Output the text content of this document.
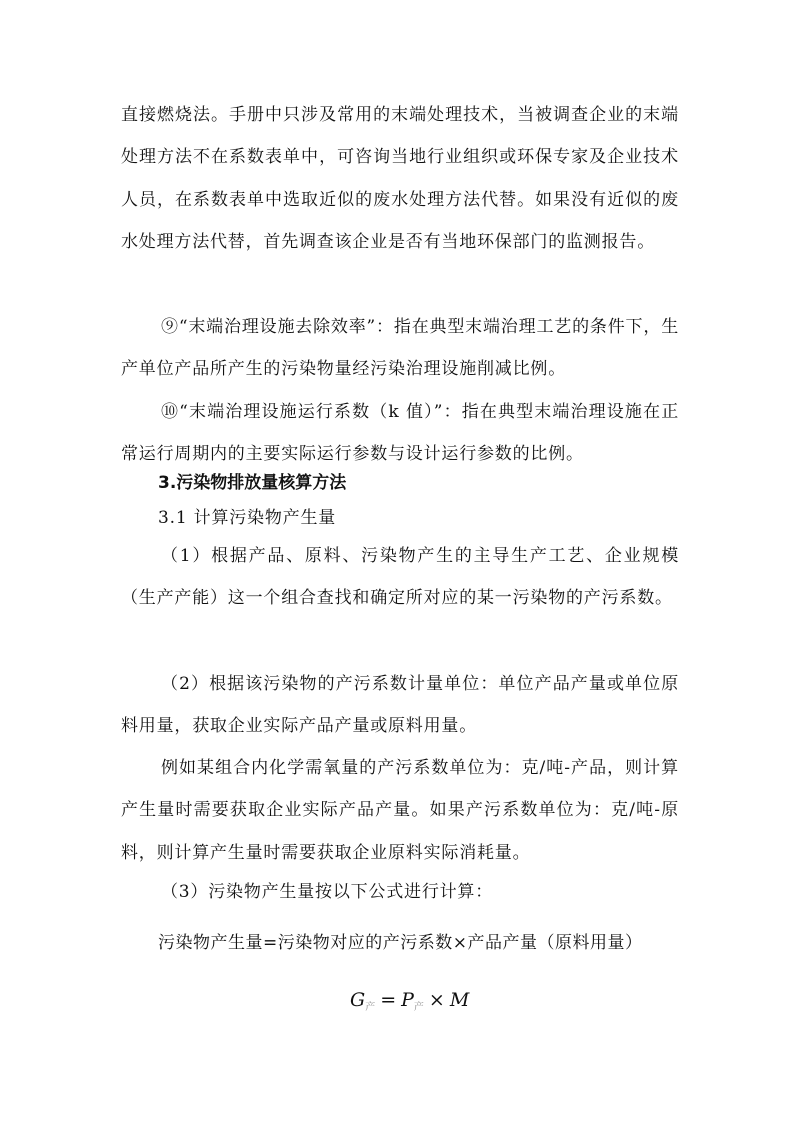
直接燃烧法。手册中只涉及常用的末端处理技术，当被调查企业的末端处理方法不在系数表单中，可咨询当地行业组织或环保专家及企业技术人员，在系数表单中选取近似的废水处理方法代替。如果没有近似的废水处理方法代替，首先调查该企业是否有当地环保部门的监测报告。

⑨“末端治理设施去除效率”：指在典型末端治理工艺的条件下，生产单位产品所产生的污染物量经污染治理设施削减比例。

⑩“末端治理设施运行系数（k 值）”：指在典型末端治理设施在正常运行周期内的主要实际运行参数与设计运行参数的比例。

3.污染物排放量核算方法

3.1 计算污染物产生量

（1）根据产品、原料、污染物产生的主导生产工艺、企业规模（生产产能）这一个组合查找和确定所对应的某一污染物的产污系数。

（2）根据该污染物的产污系数计量单位：单位产品产量或单位原料用量，获取企业实际产品产量或原料用量。

例如某组合内化学需氧量的产污系数单位为：克/吨-产品，则计算产生量时需要获取企业实际产品产量。如果产污系数单位为：克/吨-原料，则计算产生量时需要获取企业原料实际消耗量。

（3）污染物产生量按以下公式进行计算：

污染物产生量=污染物对应的产污系数×产品产量（原料用量）

$G_产 = P_产 \times M$
